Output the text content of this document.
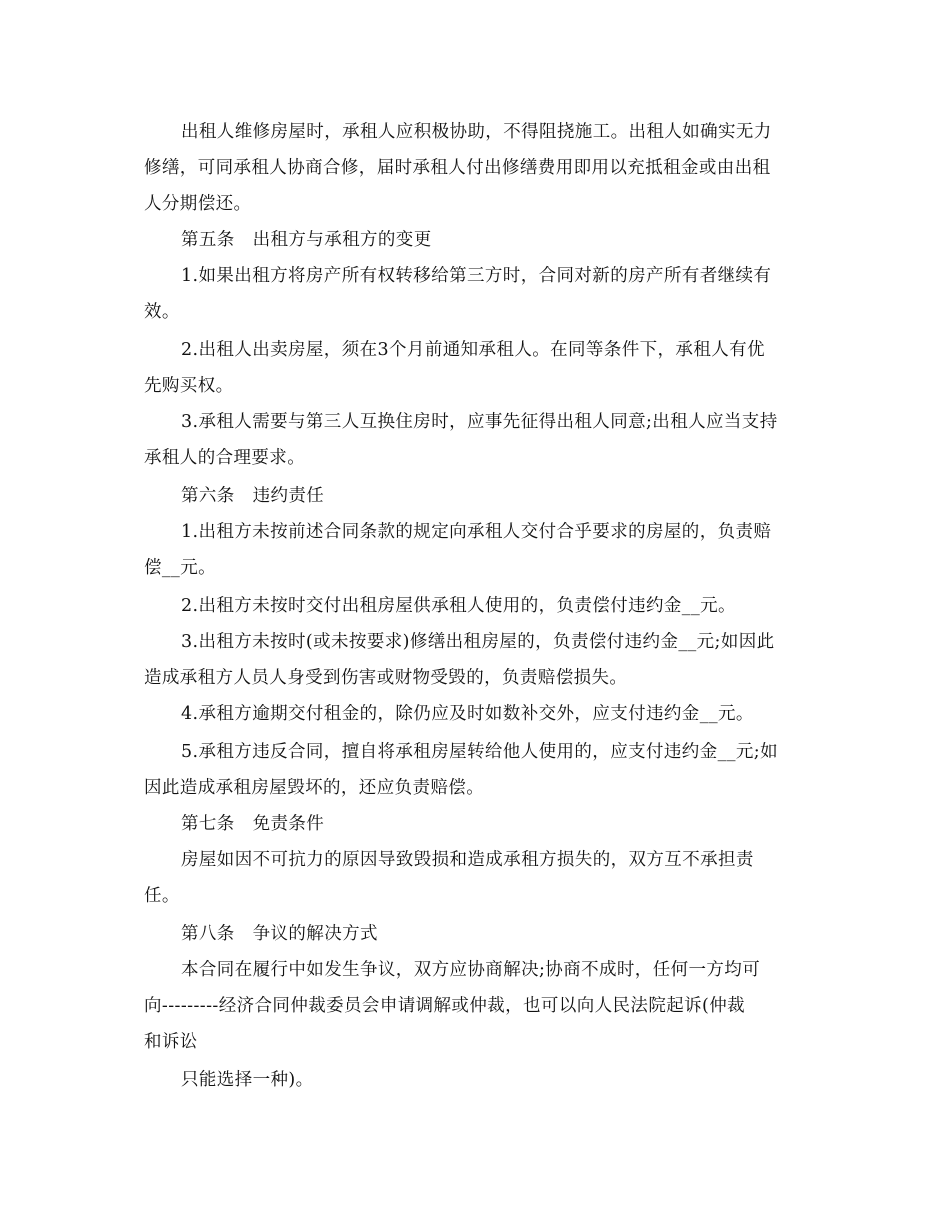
出租人维修房屋时，承租人应积极协助，不得阻挠施工。出租人如确实无力
修缮，可同承租人协商合修，届时承租人付出修缮费用即用以充抵租金或由出租
人分期偿还。
第五条　出租方与承租方的变更
1.如果出租方将房产所有权转移给第三方时，合同对新的房产所有者继续有
效。
2.出租人出卖房屋，须在3个月前通知承租人。在同等条件下，承租人有优
先购买权。
3.承租人需要与第三人互换住房时，应事先征得出租人同意;出租人应当支持
承租人的合理要求。
第六条　违约责任
1.出租方未按前述合同条款的规定向承租人交付合乎要求的房屋的，负责赔
偿__元。
2.出租方未按时交付出租房屋供承租人使用的，负责偿付违约金__元。
3.出租方未按时(或未按要求)修缮出租房屋的，负责偿付违约金__元;如因此
造成承租方人员人身受到伤害或财物受毁的，负责赔偿损失。
4.承租方逾期交付租金的，除仍应及时如数补交外，应支付违约金__元。
5.承租方违反合同，擅自将承租房屋转给他人使用的，应支付违约金__元;如
因此造成承租房屋毁坏的，还应负责赔偿。
第七条　免责条件
房屋如因不可抗力的原因导致毁损和造成承租方损失的，双方互不承担责
任。
第八条　争议的解决方式
本合同在履行中如发生争议，双方应协商解决;协商不成时，任何一方均可
向---------经济合同仲裁委员会申请调解或仲裁，也可以向人民法院起诉(仲裁
和诉讼
只能选择一种)。
